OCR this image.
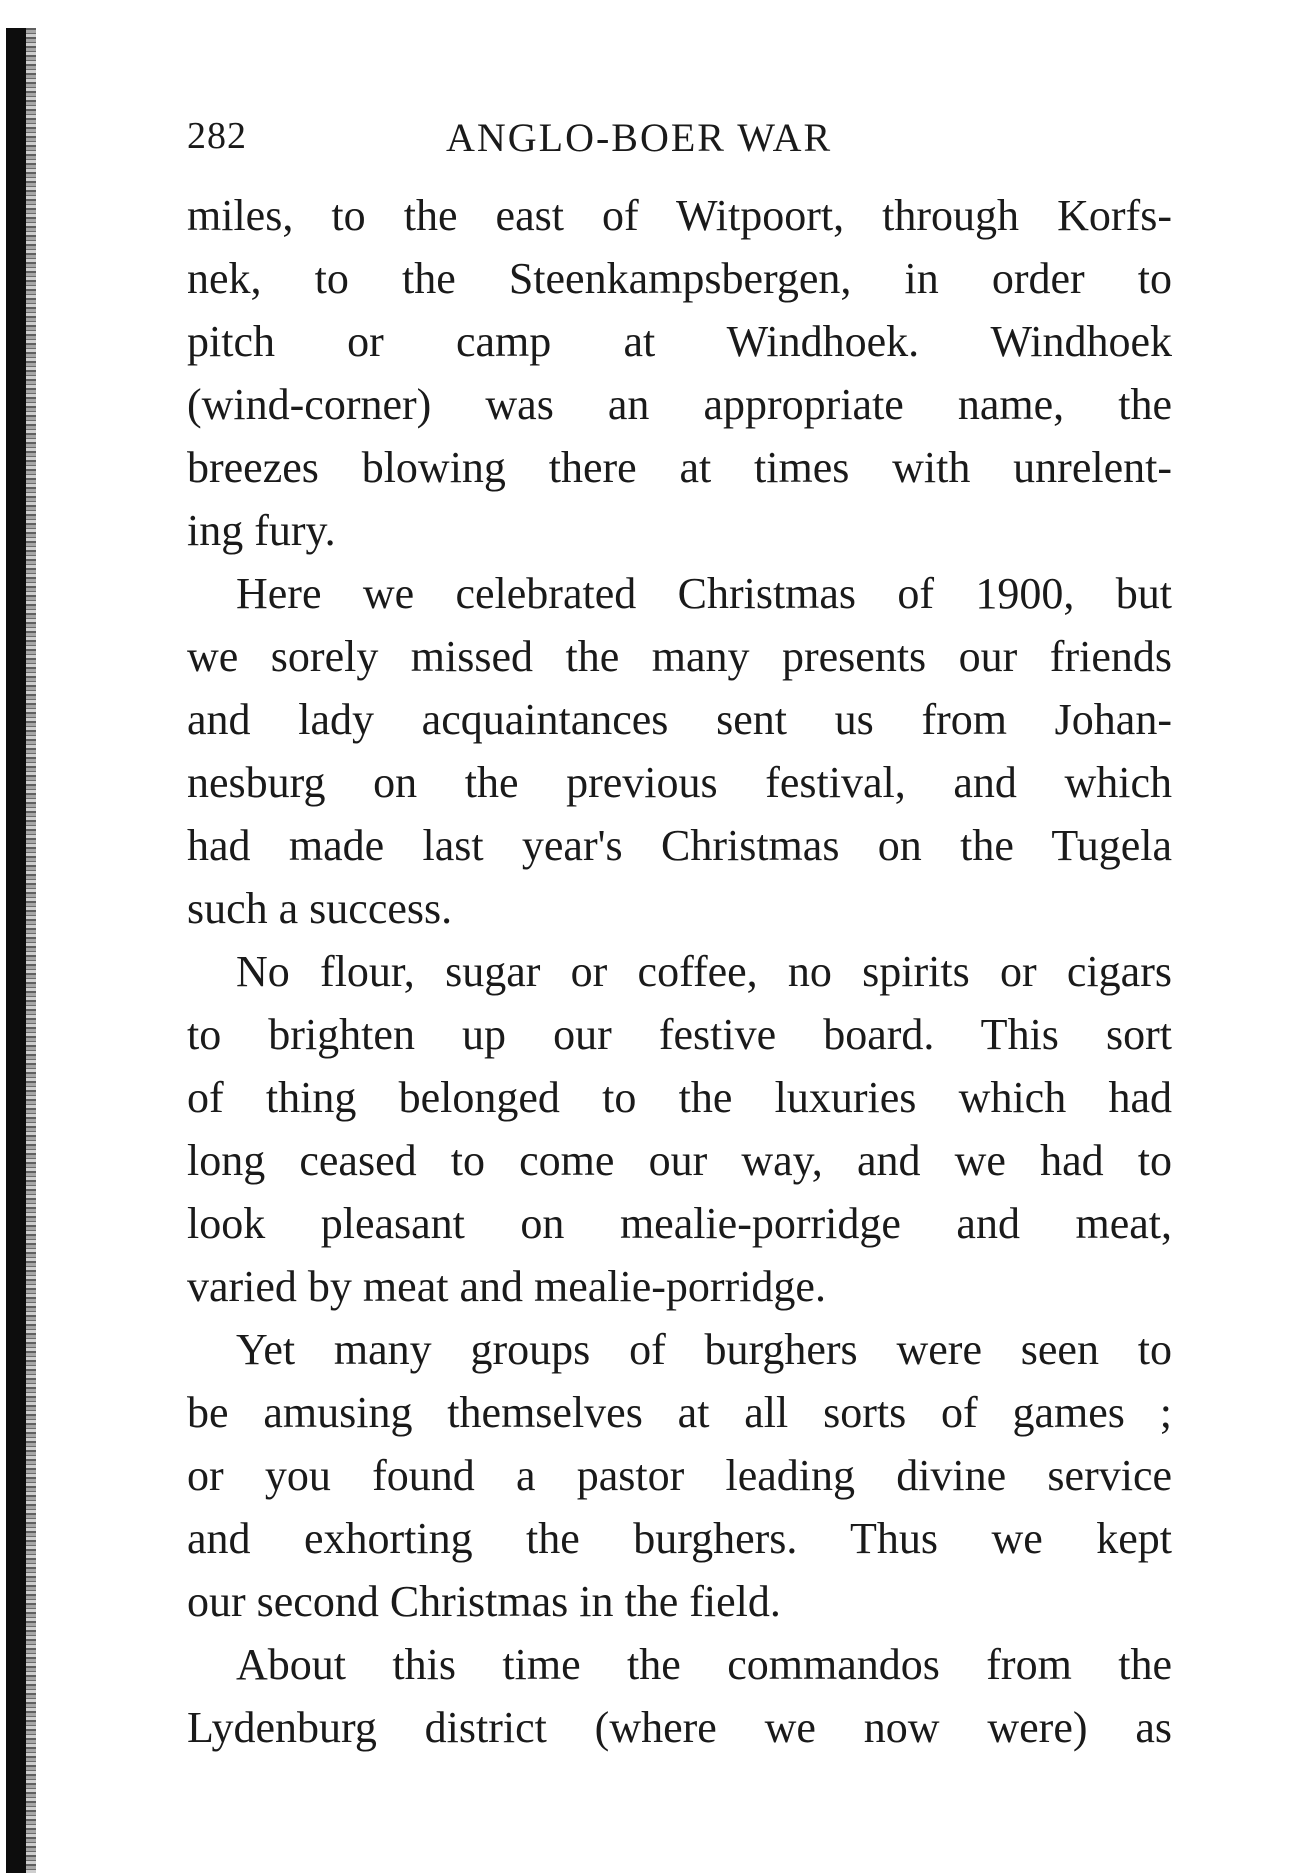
282	ANGLO-BOER WAR
miles, to the east of Witpoort, through Korfs-
nek, to the Steenkampsbergen, in order to
pitch or camp at Windhoek. Windhoek
(wind-corner) was an appropriate name, the
breezes blowing there at times with unrelent-
ing fury.
Here we celebrated Christmas of 1900, but
we sorely missed the many presents our friends
and lady acquaintances sent us from Johan-
nesburg on the previous festival, and which
had made last year's Christmas on the Tugela
such a success.
No flour, sugar or coffee, no spirits or cigars
to brighten up our festive board. This sort
of thing belonged to the luxuries which had
long ceased to come our way, and we had to
look pleasant on mealie-porridge and meat,
varied by meat and mealie-porridge.
Yet many groups of burghers were seen to
be amusing themselves at all sorts of games ;
or you found a pastor leading divine service
and exhorting the burghers. Thus we kept
our second Christmas in the field.
About this time the commandos from the
Lydenburg district (where we now were) as
